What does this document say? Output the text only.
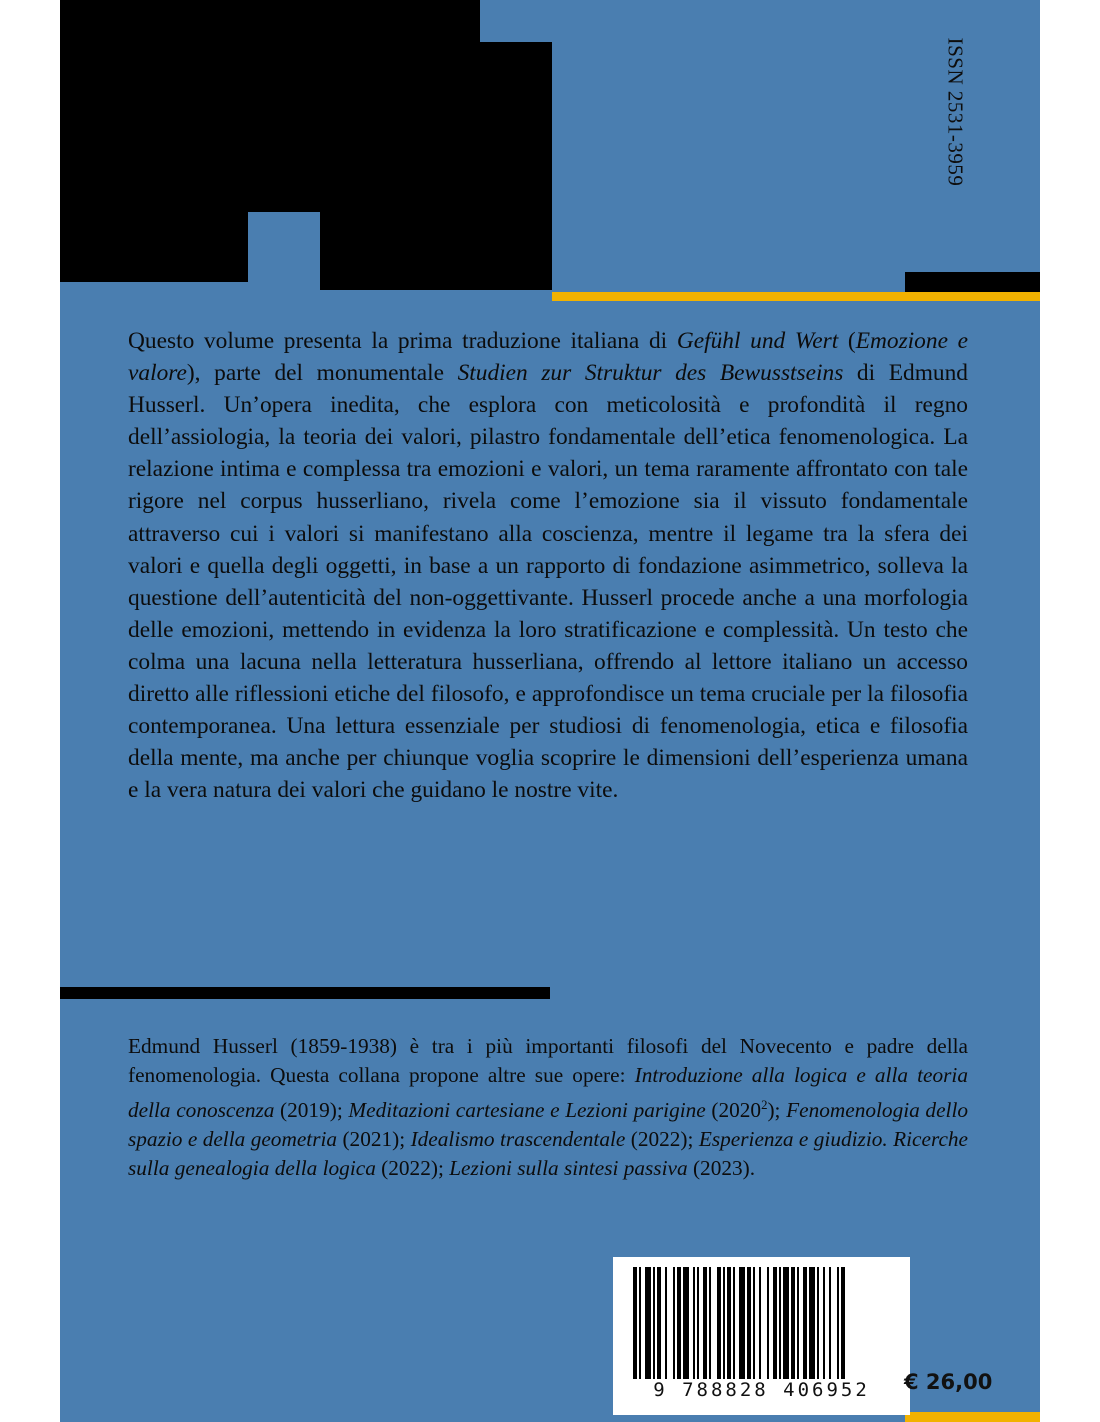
ISSN 2531-3959

Questo volume presenta la prima traduzione italiana di Gefühl und Wert (Emozione e valore), parte del monumentale Studien zur Struktur des Bewusstseins di Edmund Husserl. Un’opera inedita, che esplora con meticolosità e profondità il regno dell’assiologia, la teoria dei valori, pilastro fondamentale dell’etica fenomenologica. La relazione intima e complessa tra emozioni e valori, un tema raramente affrontato con tale rigore nel corpus husserliano, rivela come l’emozione sia il vissuto fondamentale attraverso cui i valori si manifestano alla coscienza, mentre il legame tra la sfera dei valori e quella degli oggetti, in base a un rapporto di fondazione asimmetrico, solleva la questione dell’autenticità del non-oggettivante. Husserl procede anche a una morfologia delle emozioni, mettendo in evidenza la loro stratificazione e complessità. Un testo che colma una lacuna nella letteratura husserliana, offrendo al lettore italiano un accesso diretto alle riflessioni etiche del filosofo, e approfondisce un tema cruciale per la filosofia contemporanea. Una lettura essenziale per studiosi di fenomenologia, etica e filosofia della mente, ma anche per chiunque voglia scoprire le dimensioni dell’esperienza umana e la vera natura dei valori che guidano le nostre vite.

Edmund Husserl (1859-1938) è tra i più importanti filosofi del Novecento e padre della fenomenologia. Questa collana propone altre sue opere: Introduzione alla logica e alla teoria della conoscenza (2019); Meditazioni cartesiane e Lezioni parigine (2020$^2$); Fenomenologia dello spazio e della geometria (2021); Idealismo trascendentale (2022); Esperienza e giudizio. Ricerche sulla genealogia della logica (2022); Lezioni sulla sintesi passiva (2023).

9 788828 406952	€ 26,00
